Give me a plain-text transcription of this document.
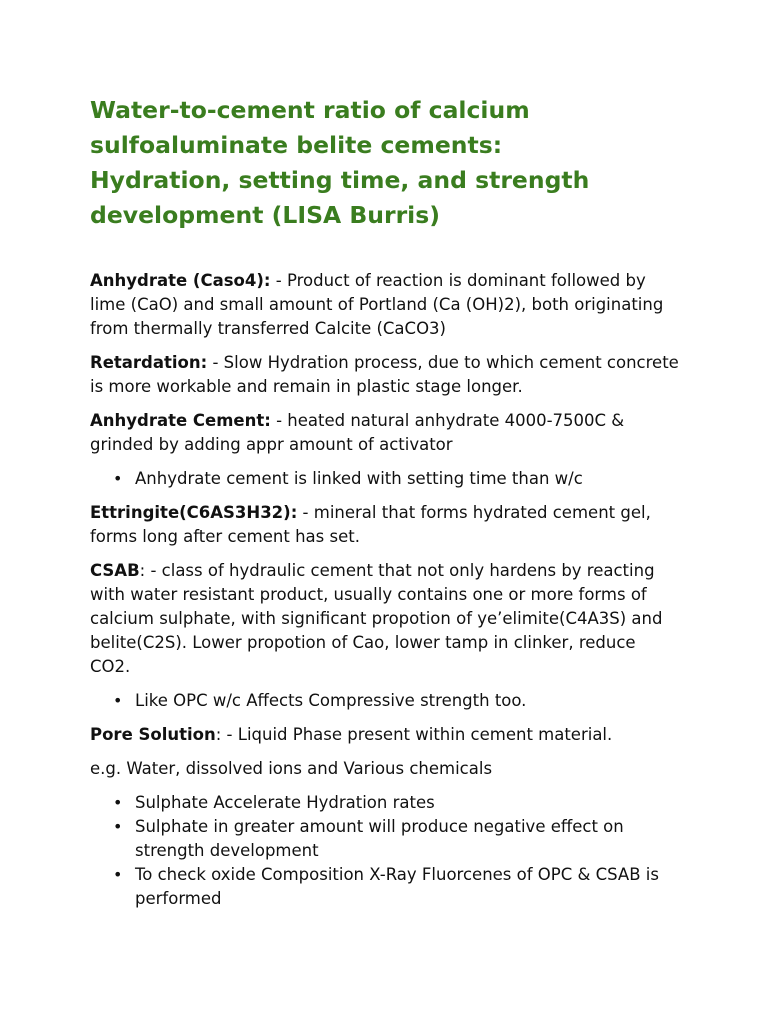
Water-to-cement ratio of calcium sulfoaluminate belite cements: Hydration, setting time, and strength development (LISA Burris)

Anhydrate (Caso4): - Product of reaction is dominant followed by lime (CaO) and small amount of Portland (Ca (OH)2), both originating from thermally transferred Calcite (CaCO3)

Retardation: - Slow Hydration process, due to which cement concrete is more workable and remain in plastic stage longer.

Anhydrate Cement: - heated natural anhydrate 4000-7500C & grinded by adding appr amount of activator

• Anhydrate cement is linked with setting time than w/c

Ettringite(C6AS3H32): - mineral that forms hydrated cement gel, forms long after cement has set.

CSAB: - class of hydraulic cement that not only hardens by reacting with water resistant product, usually contains one or more forms of calcium sulphate, with significant propotion of ye’elimite(C4A3S) and belite(C2S). Lower propotion of Cao, lower tamp in clinker, reduce CO2.

• Like OPC w/c Affects Compressive strength too.

Pore Solution: - Liquid Phase present within cement material.

e.g. Water, dissolved ions and Various chemicals

• Sulphate Accelerate Hydration rates
• Sulphate in greater amount will produce negative effect on strength development
• To check oxide Composition X-Ray Fluorcenes of OPC & CSAB is performed
